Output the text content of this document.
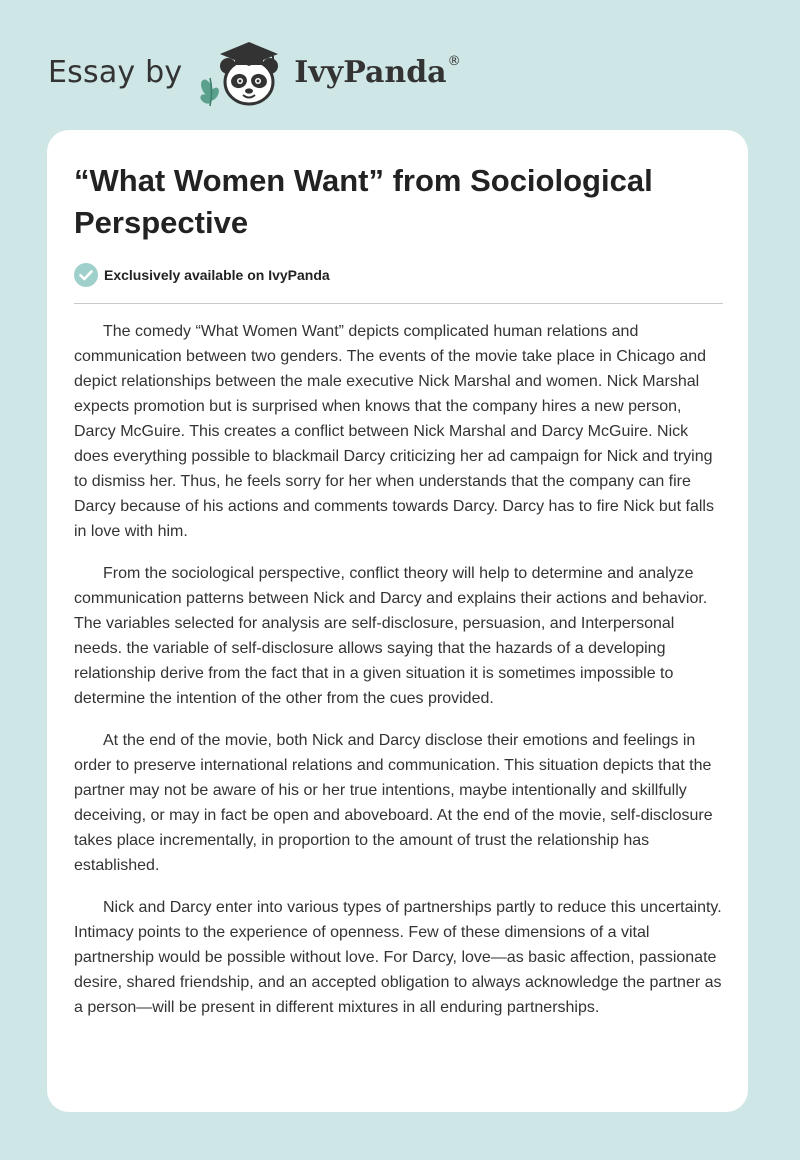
Essay by	IvyPanda ®
“What Women Want” from Sociological Perspective
Exclusively available on IvyPanda

The comedy “What Women Want” depicts complicated human relations and communication between two genders. The events of the movie take place in Chicago and depict relationships between the male executive Nick Marshal and women. Nick Marshal expects promotion but is surprised when knows that the company hires a new person, Darcy McGuire. This creates a conflict between Nick Marshal and Darcy McGuire. Nick does everything possible to blackmail Darcy criticizing her ad campaign for Nick and trying to dismiss her. Thus, he feels sorry for her when understands that the company can fire Darcy because of his actions and comments towards Darcy. Darcy has to fire Nick but falls in love with him.

From the sociological perspective, conflict theory will help to determine and analyze communication patterns between Nick and Darcy and explains their actions and behavior. The variables selected for analysis are self-disclosure, persuasion, and Interpersonal needs. the variable of self-disclosure allows saying that the hazards of a developing relationship derive from the fact that in a given situation it is sometimes impossible to determine the intention of the other from the cues provided.

At the end of the movie, both Nick and Darcy disclose their emotions and feelings in order to preserve international relations and communication. This situation depicts that the partner may not be aware of his or her true intentions, maybe intentionally and skillfully deceiving, or may in fact be open and aboveboard. At the end of the movie, self-disclosure takes place incrementally, in proportion to the amount of trust the relationship has established.

Nick and Darcy enter into various types of partnerships partly to reduce this uncertainty. Intimacy points to the experience of openness. Few of these dimensions of a vital partnership would be possible without love. For Darcy, love—as basic affection, passionate desire, shared friendship, and an accepted obligation to always acknowledge the partner as a person—will be present in different mixtures in all enduring partnerships.
